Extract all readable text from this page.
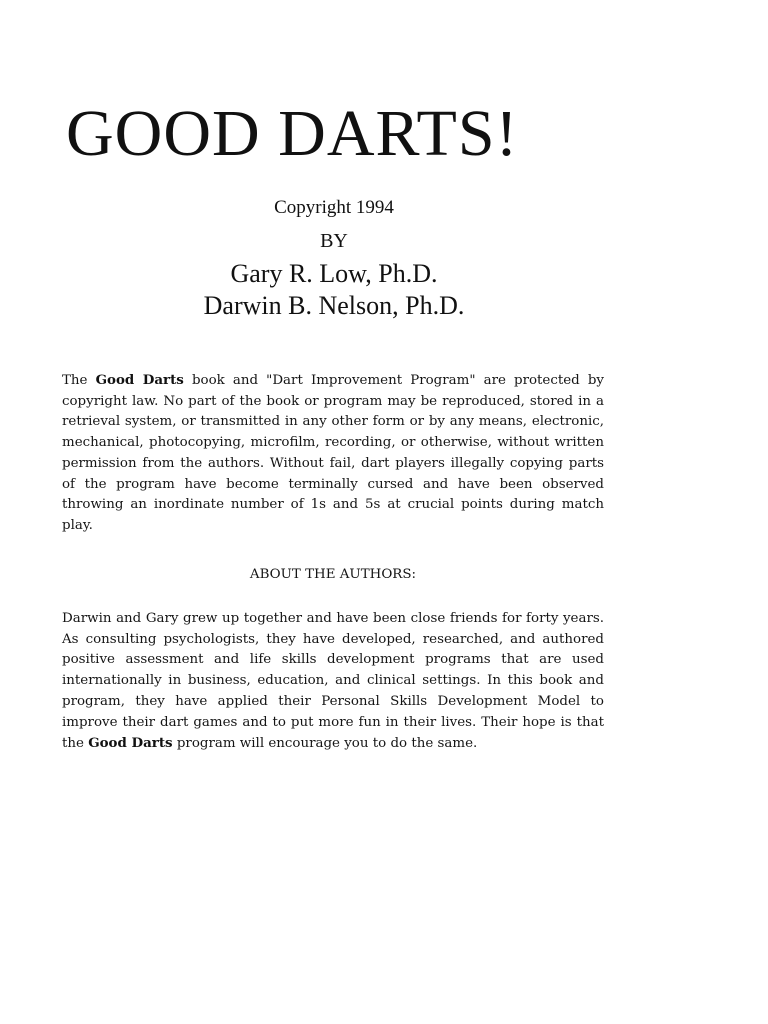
GOOD DARTS!
Copyright 1994
BY
Gary R. Low, Ph.D.
Darwin B. Nelson, Ph.D.

The Good Darts book and "Dart Improvement Program" are protected by copyright law. No part of the book or program may be reproduced, stored in a retrieval system, or transmitted in any other form or by any means, electronic, mechanical, photocopying, microfilm, recording, or otherwise, without written permission from the authors. Without fail, dart players illegally copying parts of the program have become terminally cursed and have been observed throwing an inordinate number of 1s and 5s at crucial points during match play.

ABOUT THE AUTHORS:

Darwin and Gary grew up together and have been close friends for forty years. As consulting psychologists, they have developed, researched, and authored positive assessment and life skills development programs that are used internationally in business, education, and clinical settings. In this book and program, they have applied their Personal Skills Development Model to improve their dart games and to put more fun in their lives. Their hope is that the Good Darts program will encourage you to do the same.
